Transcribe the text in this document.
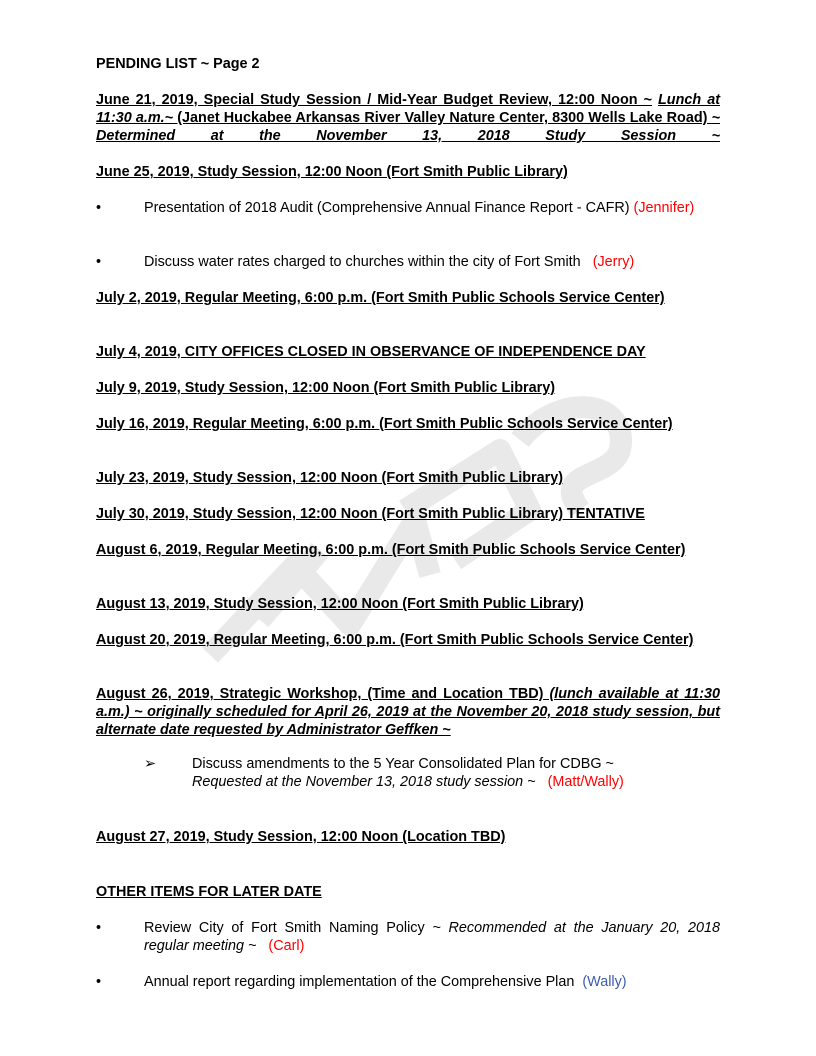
PENDING LIST ~ Page 2
June 21, 2019, Special Study Session / Mid-Year Budget Review, 12:00 Noon ~ Lunch at 11:30 a.m.~ (Janet Huckabee Arkansas River Valley Nature Center, 8300 Wells Lake Road) ~ Determined at the November 13, 2018 Study Session ~
June 25, 2019, Study Session, 12:00 Noon (Fort Smith Public Library)
•	Presentation of 2018 Audit (Comprehensive Annual Finance Report - CAFR) (Jennifer)
•	Discuss water rates charged to churches within the city of Fort Smith (Jerry)
July 2, 2019, Regular Meeting, 6:00 p.m. (Fort Smith Public Schools Service Center)
July 4, 2019, CITY OFFICES CLOSED IN OBSERVANCE OF INDEPENDENCE DAY
July 9, 2019, Study Session, 12:00 Noon (Fort Smith Public Library)
July 16, 2019, Regular Meeting, 6:00 p.m. (Fort Smith Public Schools Service Center)
July 23, 2019, Study Session, 12:00 Noon (Fort Smith Public Library)
July 30, 2019, Study Session, 12:00 Noon (Fort Smith Public Library) TENTATIVE
August 6, 2019, Regular Meeting, 6:00 p.m. (Fort Smith Public Schools Service Center)
August 13, 2019, Study Session, 12:00 Noon (Fort Smith Public Library)
August 20, 2019, Regular Meeting, 6:00 p.m. (Fort Smith Public Schools Service Center)
August 26, 2019, Strategic Workshop, (Time and Location TBD) (lunch available at 11:30 a.m.) ~ originally scheduled for April 26, 2019 at the November 20, 2018 study session, but alternate date requested by Administrator Geffken ~
➢ Discuss amendments to the 5 Year Consolidated Plan for CDBG ~
Requested at the November 13, 2018 study session ~ (Matt/Wally)
August 27, 2019, Study Session, 12:00 Noon (Location TBD)
OTHER ITEMS FOR LATER DATE
•	Review City of Fort Smith Naming Policy ~ Recommended at the January 20, 2018 regular meeting ~ (Carl)
•	Annual report regarding implementation of the Comprehensive Plan (Wally)
